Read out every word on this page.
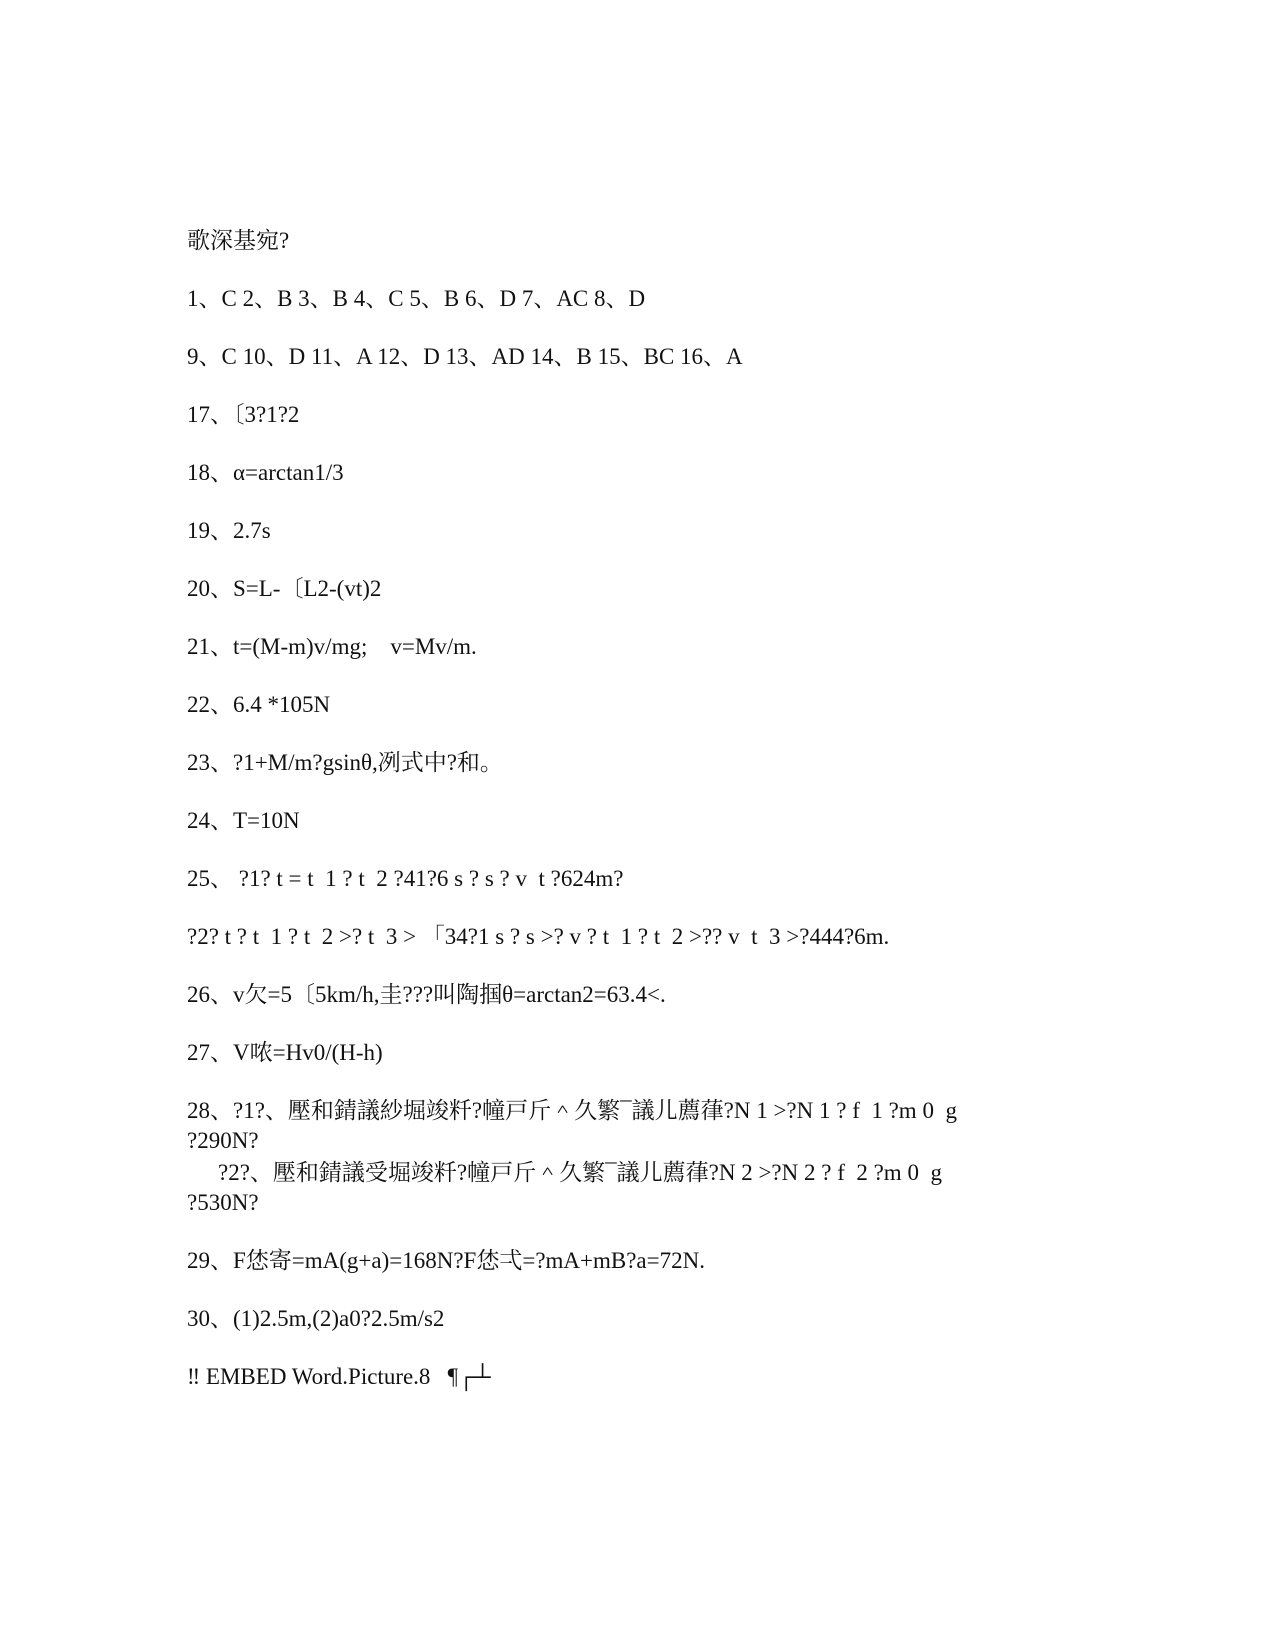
歌深基宛?
1、C 2、B 3、B 4、C 5、B 6、D 7、AC 8、D
9、C 10、D 11、A 12、D 13、AD 14、B 15、BC 16、A
17、〔3?1?2
18、α=arctan1/3
19、2.7s
20、S=L-〔L2-(vt)2
21、t=(M-m)v/mg;    v=Mv/m.
22、6.4 *105N
23、?1+M/m?gsinθ,冽式中?和。
24、T=10N
25、 ?1? t = t  1 ? t  2 ?41?6 s ? s ? v  t ?624m?
?2? t ? t  1 ? t  2 >? t  3 > 「34?1 s ? s >? v ? t  1 ? t  2 >?? v  t  3 >?444?6m.
26、v欠=5〔5km/h,圭???叫陶掴θ=arctan2=63.4<.
27、V哝=Hv0/(H-h)
28、?1?、壓和錆議紗堀竣粁?幢戸斤＾久繁¯議儿薦葎?N 1 >?N 1 ? f  1 ?m 0  g
?290N?
?2?、壓和錆議受堀竣粁?幢戸斤＾久繁¯議儿薦葎?N 2 >?N 2 ? f  2 ?m 0  g
?530N?
29、F恷寄=mA(g+a)=168N?F恷弌=?mA+mB?a=72N.
30、(1)2.5m,(2)a0?2.5m/s2
‼ EMBED Word.Picture.8   ¶┌┴
